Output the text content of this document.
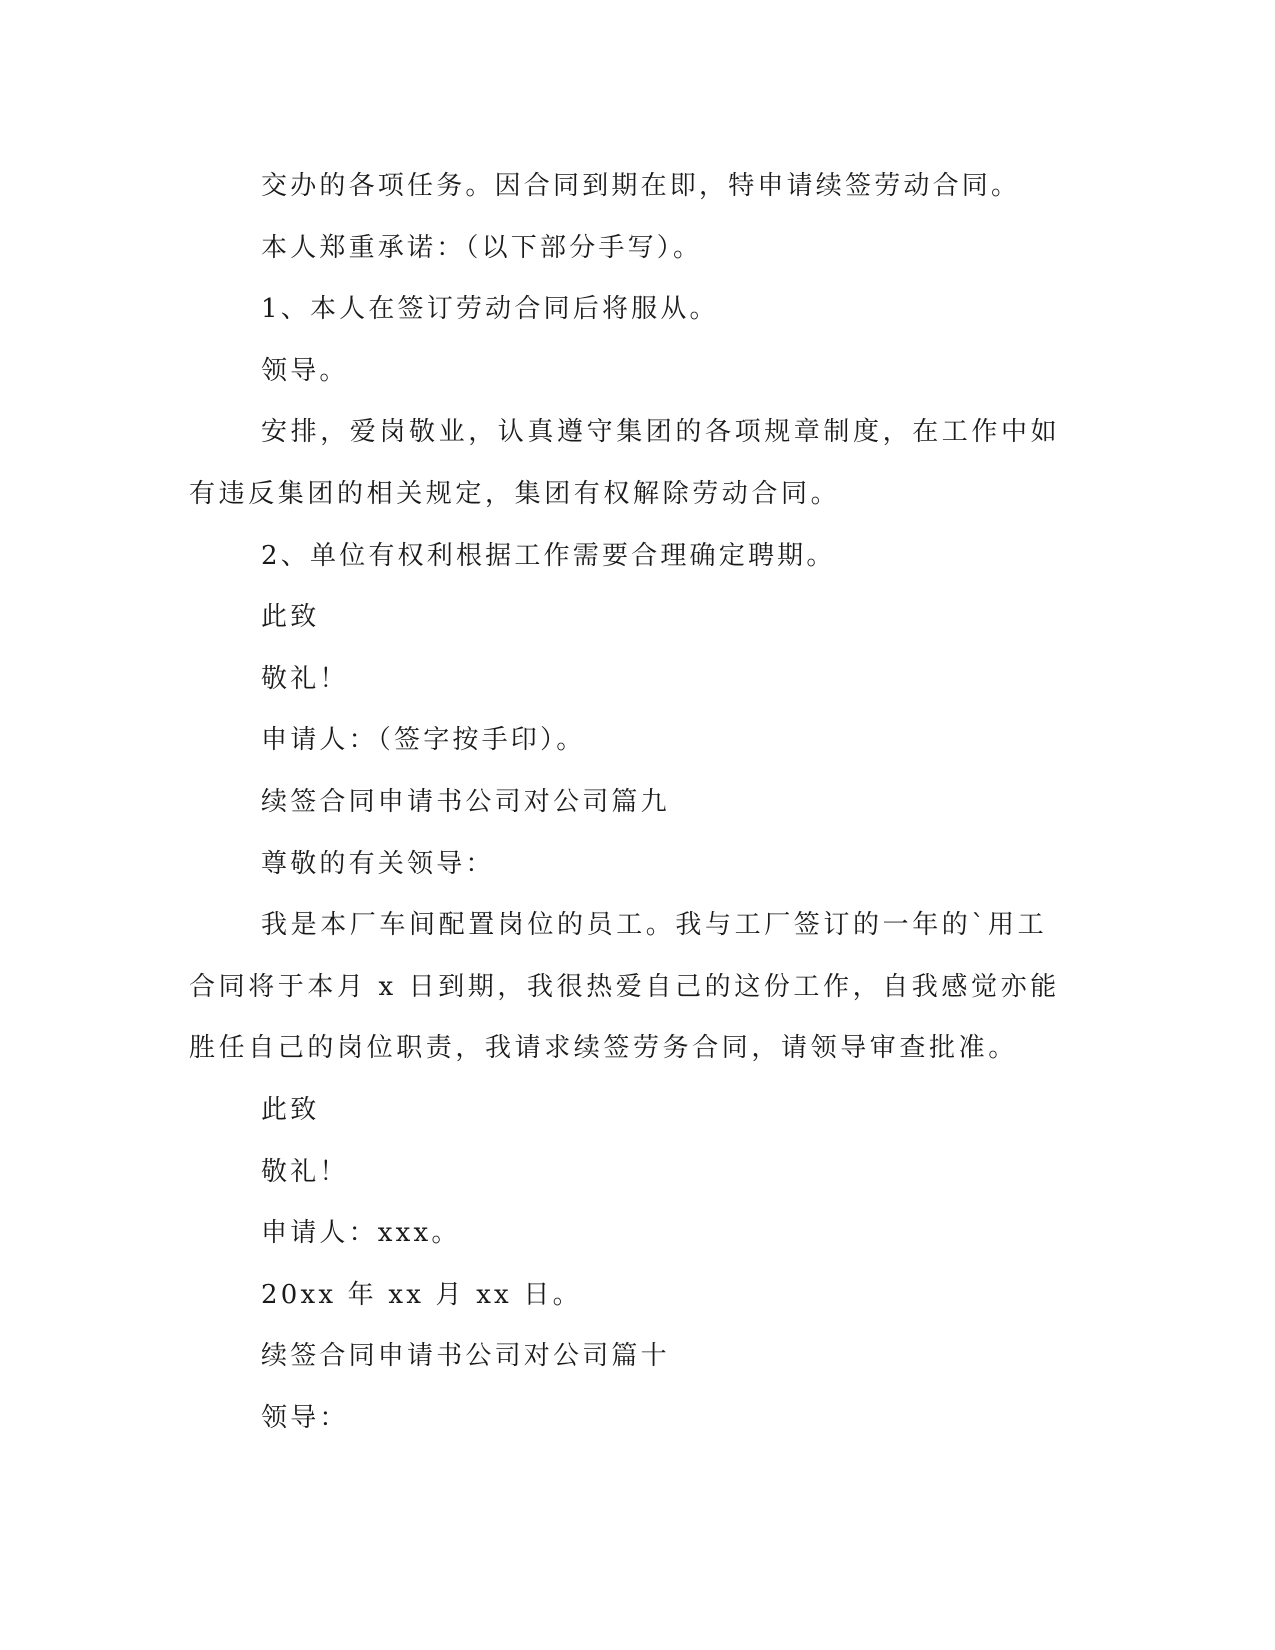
交办的各项任务。因合同到期在即，特申请续签劳动合同。

本人郑重承诺：（以下部分手写）。

1、本人在签订劳动合同后将服从。

领导。

安排，爱岗敬业，认真遵守集团的各项规章制度，在工作中如有违反集团的相关规定，集团有权解除劳动合同。

2、单位有权利根据工作需要合理确定聘期。

此致

敬礼！

申请人：（签字按手印）。

续签合同申请书公司对公司篇九

尊敬的有关领导：

我是本厂车间配置岗位的员工。我与工厂签订的一年的`用工合同将于本月 x 日到期，我很热爱自己的这份工作，自我感觉亦能胜任自己的岗位职责，我请求续签劳务合同，请领导审查批准。

此致

敬礼！

申请人：xxx。

20xx 年 xx 月 xx 日。

续签合同申请书公司对公司篇十

领导：
